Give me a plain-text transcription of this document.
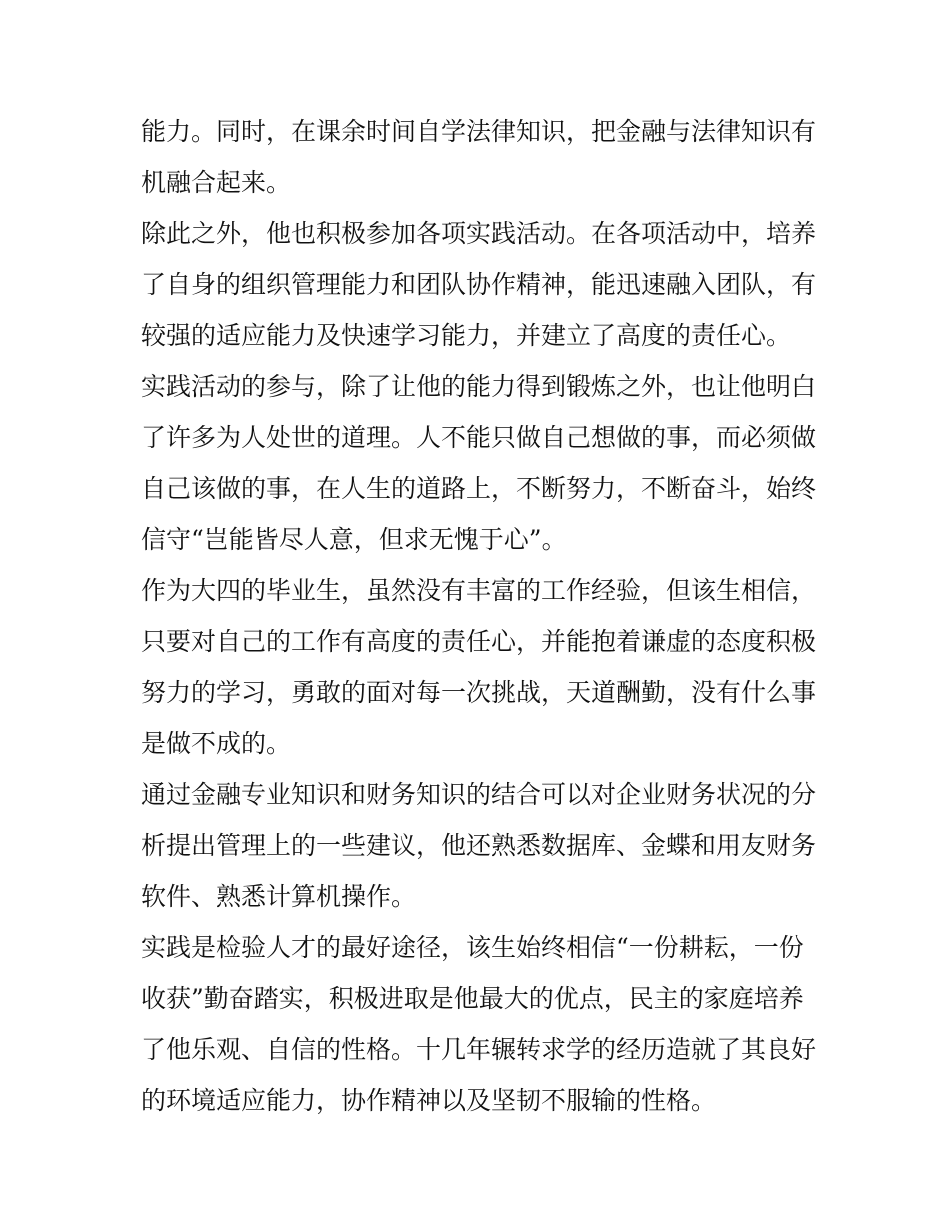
能力。同时，在课余时间自学法律知识，把金融与法律知识有
机融合起来。
除此之外，他也积极参加各项实践活动。在各项活动中，培养
了自身的组织管理能力和团队协作精神，能迅速融入团队，有
较强的适应能力及快速学习能力，并建立了高度的责任心。
实践活动的参与，除了让他的能力得到锻炼之外，也让他明白
了许多为人处世的道理。人不能只做自己想做的事，而必须做
自己该做的事，在人生的道路上，不断努力，不断奋斗，始终
信守“岂能皆尽人意，但求无愧于心”。
作为大四的毕业生，虽然没有丰富的工作经验，但该生相信，
只要对自己的工作有高度的责任心，并能抱着谦虚的态度积极
努力的学习，勇敢的面对每一次挑战，天道酬勤，没有什么事
是做不成的。
通过金融专业知识和财务知识的结合可以对企业财务状况的分
析提出管理上的一些建议，他还熟悉数据库、金蝶和用友财务
软件、熟悉计算机操作。
实践是检验人才的最好途径，该生始终相信“一份耕耘，一份
收获”勤奋踏实，积极进取是他最大的优点，民主的家庭培养
了他乐观、自信的性格。十几年辗转求学的经历造就了其良好
的环境适应能力，协作精神以及坚韧不服输的性格。
